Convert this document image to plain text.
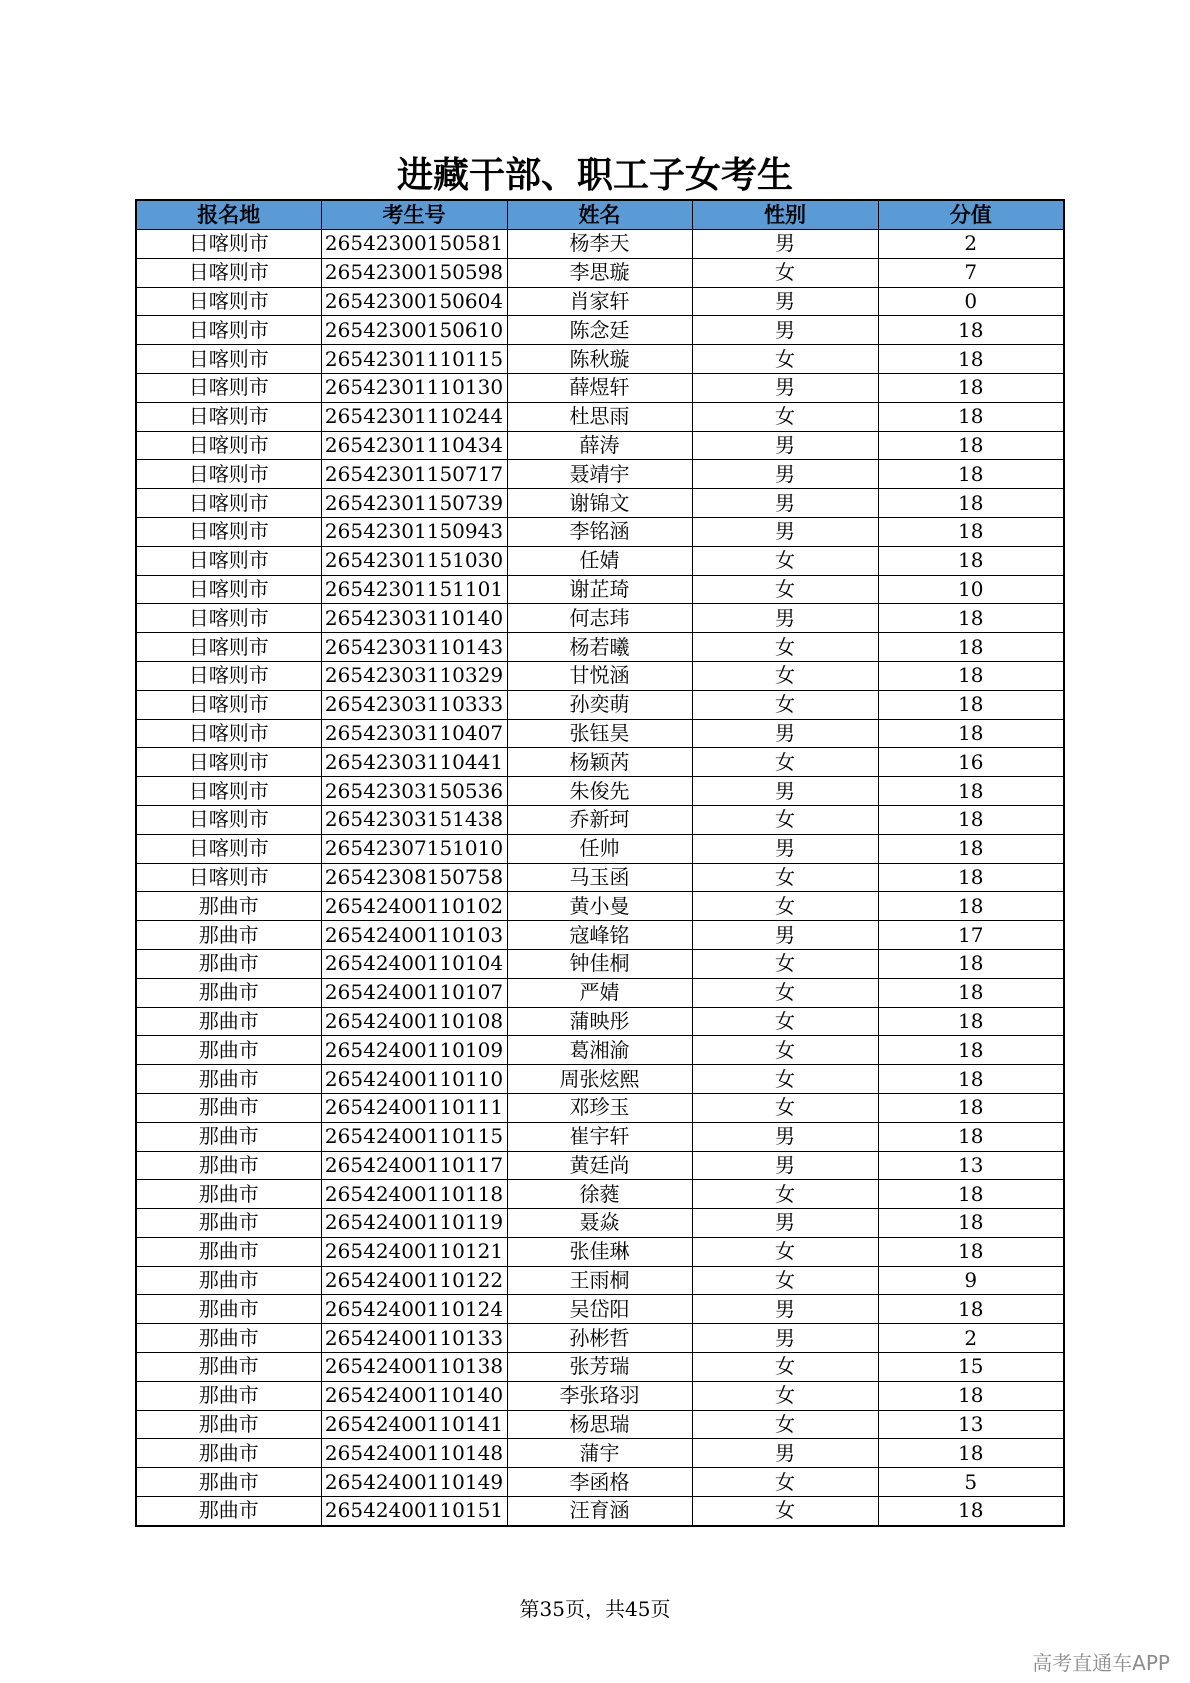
进藏干部、职工子女考生
报名地	考生号	姓名	性别	分值
日喀则市	26542300150581	杨李天	男	2
日喀则市	26542300150598	李思璇	女	7
日喀则市	26542300150604	肖家轩	男	0
日喀则市	26542300150610	陈念廷	男	18
日喀则市	26542301110115	陈秋璇	女	18
日喀则市	26542301110130	薛煜轩	男	18
日喀则市	26542301110244	杜思雨	女	18
日喀则市	26542301110434	薛涛	男	18
日喀则市	26542301150717	聂靖宇	男	18
日喀则市	26542301150739	谢锦文	男	18
日喀则市	26542301150943	李铭涵	男	18
日喀则市	26542301151030	任婧	女	18
日喀则市	26542301151101	谢芷琦	女	10
日喀则市	26542303110140	何志玮	男	18
日喀则市	26542303110143	杨若曦	女	18
日喀则市	26542303110329	甘悦涵	女	18
日喀则市	26542303110333	孙奕萌	女	18
日喀则市	26542303110407	张钰昊	男	18
日喀则市	26542303110441	杨颖芮	女	16
日喀则市	26542303150536	朱俊先	男	18
日喀则市	26542303151438	乔新珂	女	18
日喀则市	26542307151010	任帅	男	18
日喀则市	26542308150758	马玉函	女	18
那曲市	26542400110102	黄小曼	女	18
那曲市	26542400110103	寇峰铭	男	17
那曲市	26542400110104	钟佳桐	女	18
那曲市	26542400110107	严婧	女	18
那曲市	26542400110108	蒲映彤	女	18
那曲市	26542400110109	葛湘渝	女	18
那曲市	26542400110110	周张炫熙	女	18
那曲市	26542400110111	邓珍玉	女	18
那曲市	26542400110115	崔宇轩	男	18
那曲市	26542400110117	黄廷尚	男	13
那曲市	26542400110118	徐蕤	女	18
那曲市	26542400110119	聂焱	男	18
那曲市	26542400110121	张佳琳	女	18
那曲市	26542400110122	王雨桐	女	9
那曲市	26542400110124	吴岱阳	男	18
那曲市	26542400110133	孙彬哲	男	2
那曲市	26542400110138	张芳瑞	女	15
那曲市	26542400110140	李张珞羽	女	18
那曲市	26542400110141	杨思瑞	女	13
那曲市	26542400110148	蒲宇	男	18
那曲市	26542400110149	李函格	女	5
那曲市	26542400110151	汪育涵	女	18
第35页，共45页
高考直通车APP
